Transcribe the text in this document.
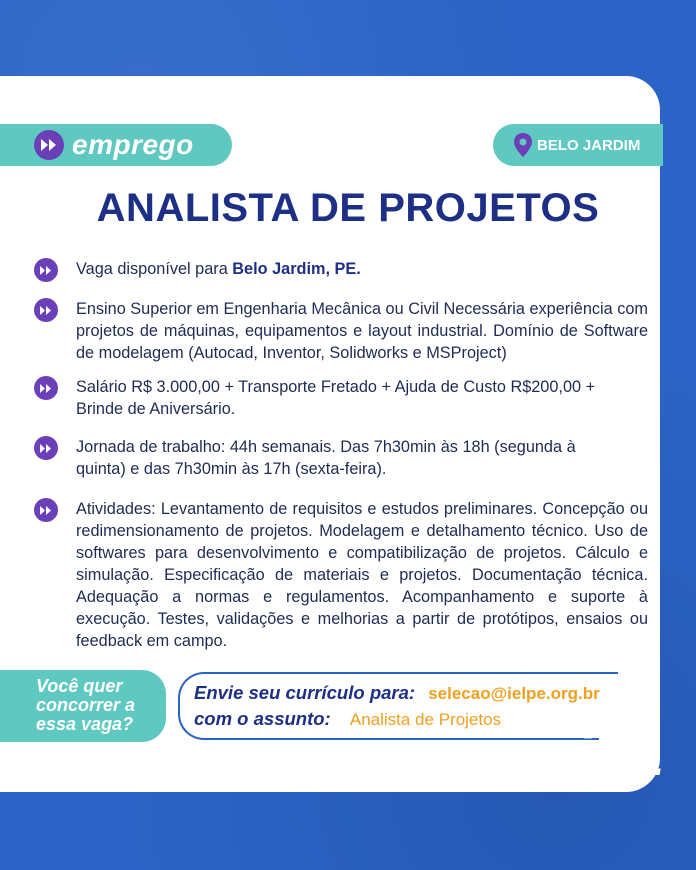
emprego	BELO JARDIM
ANALISTA DE PROJETOS
Vaga disponível para Belo Jardim, PE.
Ensino Superior em Engenharia Mecânica ou Civil Necessária experiência com projetos de máquinas, equipamentos e layout industrial. Domínio de Software de modelagem (Autocad, Inventor, Solidworks e MSProject)
Salário R$ 3.000,00 + Transporte Fretado + Ajuda de Custo R$200,00 + Brinde de Aniversário.
Jornada de trabalho: 44h semanais. Das 7h30min às 18h (segunda à quinta) e das 7h30min às 17h (sexta-feira).
Atividades: Levantamento de requisitos e estudos preliminares. Concepção ou redimensionamento de projetos. Modelagem e detalhamento técnico. Uso de softwares para desenvolvimento e compatibilização de projetos. Cálculo e simulação. Especificação de materiais e projetos. Documentação técnica. Adequação a normas e regulamentos. Acompanhamento e suporte à execução. Testes, validações e melhorias a partir de protótipos, ensaios ou feedback em campo.
Você quer concorrer a essa vaga?
Envie seu currículo para: selecao@ielpe.org.br
com o assunto: Analista de Projetos
iEL
